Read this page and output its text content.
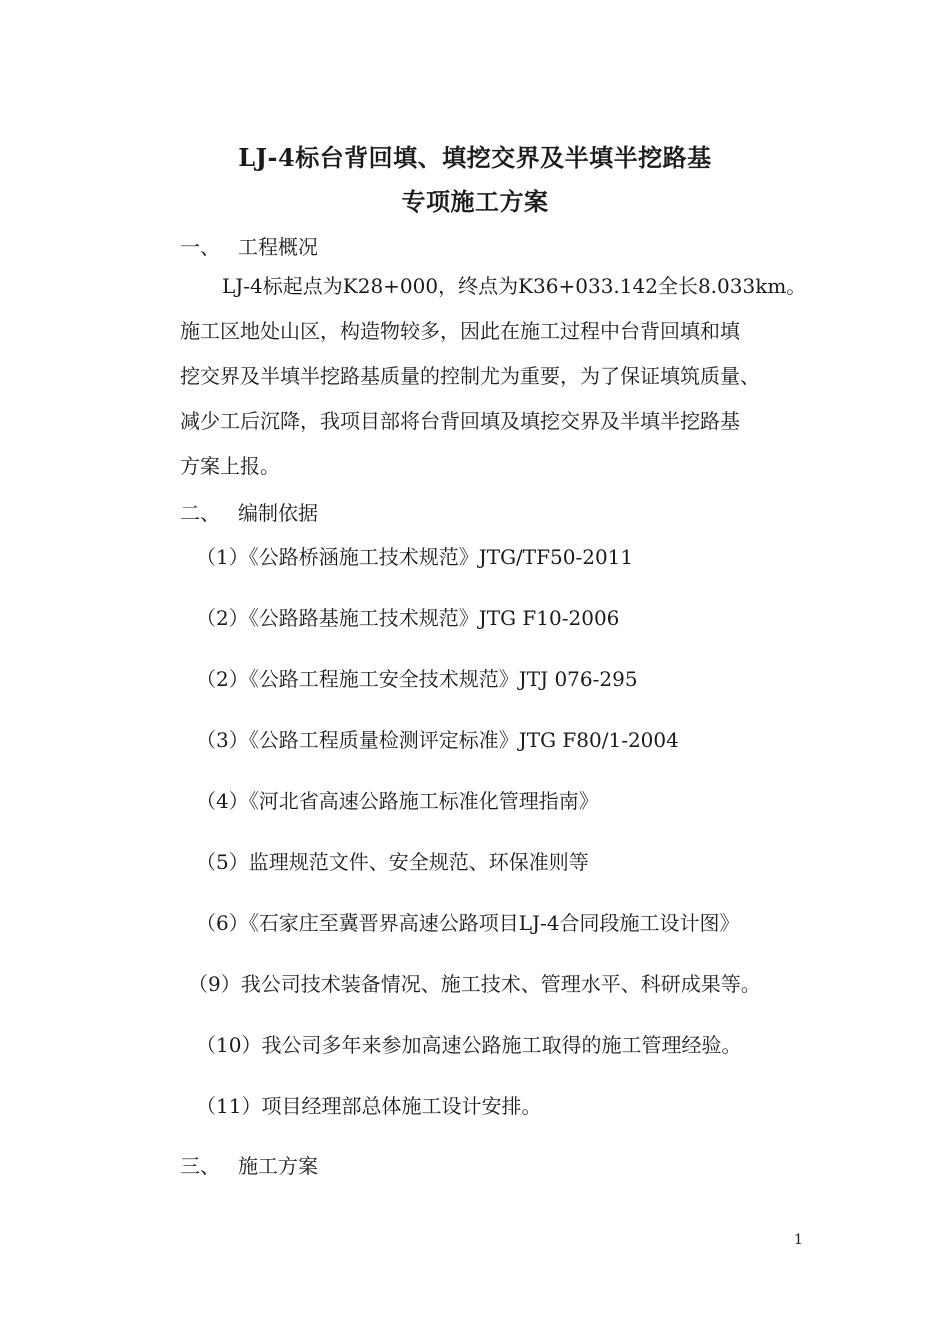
LJ-4标台背回填、填挖交界及半填半挖路基
专项施工方案
一、 工程概况
LJ-4标起点为K28+000，终点为K36+033.142全长8.033km。
施工区地处山区，构造物较多，因此在施工过程中台背回填和填
挖交界及半填半挖路基质量的控制尤为重要，为了保证填筑质量、
减少工后沉降，我项目部将台背回填及填挖交界及半填半挖路基
方案上报。
二、 编制依据
（1）《公路桥涵施工技术规范》JTG/TF50-2011
（2）《公路路基施工技术规范》JTG F10-2006
（2）《公路工程施工安全技术规范》JTJ 076-295
（3）《公路工程质量检测评定标准》JTG F80/1-2004
（4）《河北省高速公路施工标准化管理指南》
（5）监理规范文件、安全规范、环保准则等
（6）《石家庄至冀晋界高速公路项目LJ-4合同段施工设计图》
（9）我公司技术装备情况、施工技术、管理水平、科研成果等。
（10）我公司多年来参加高速公路施工取得的施工管理经验。
（11）项目经理部总体施工设计安排。
三、 施工方案
1
